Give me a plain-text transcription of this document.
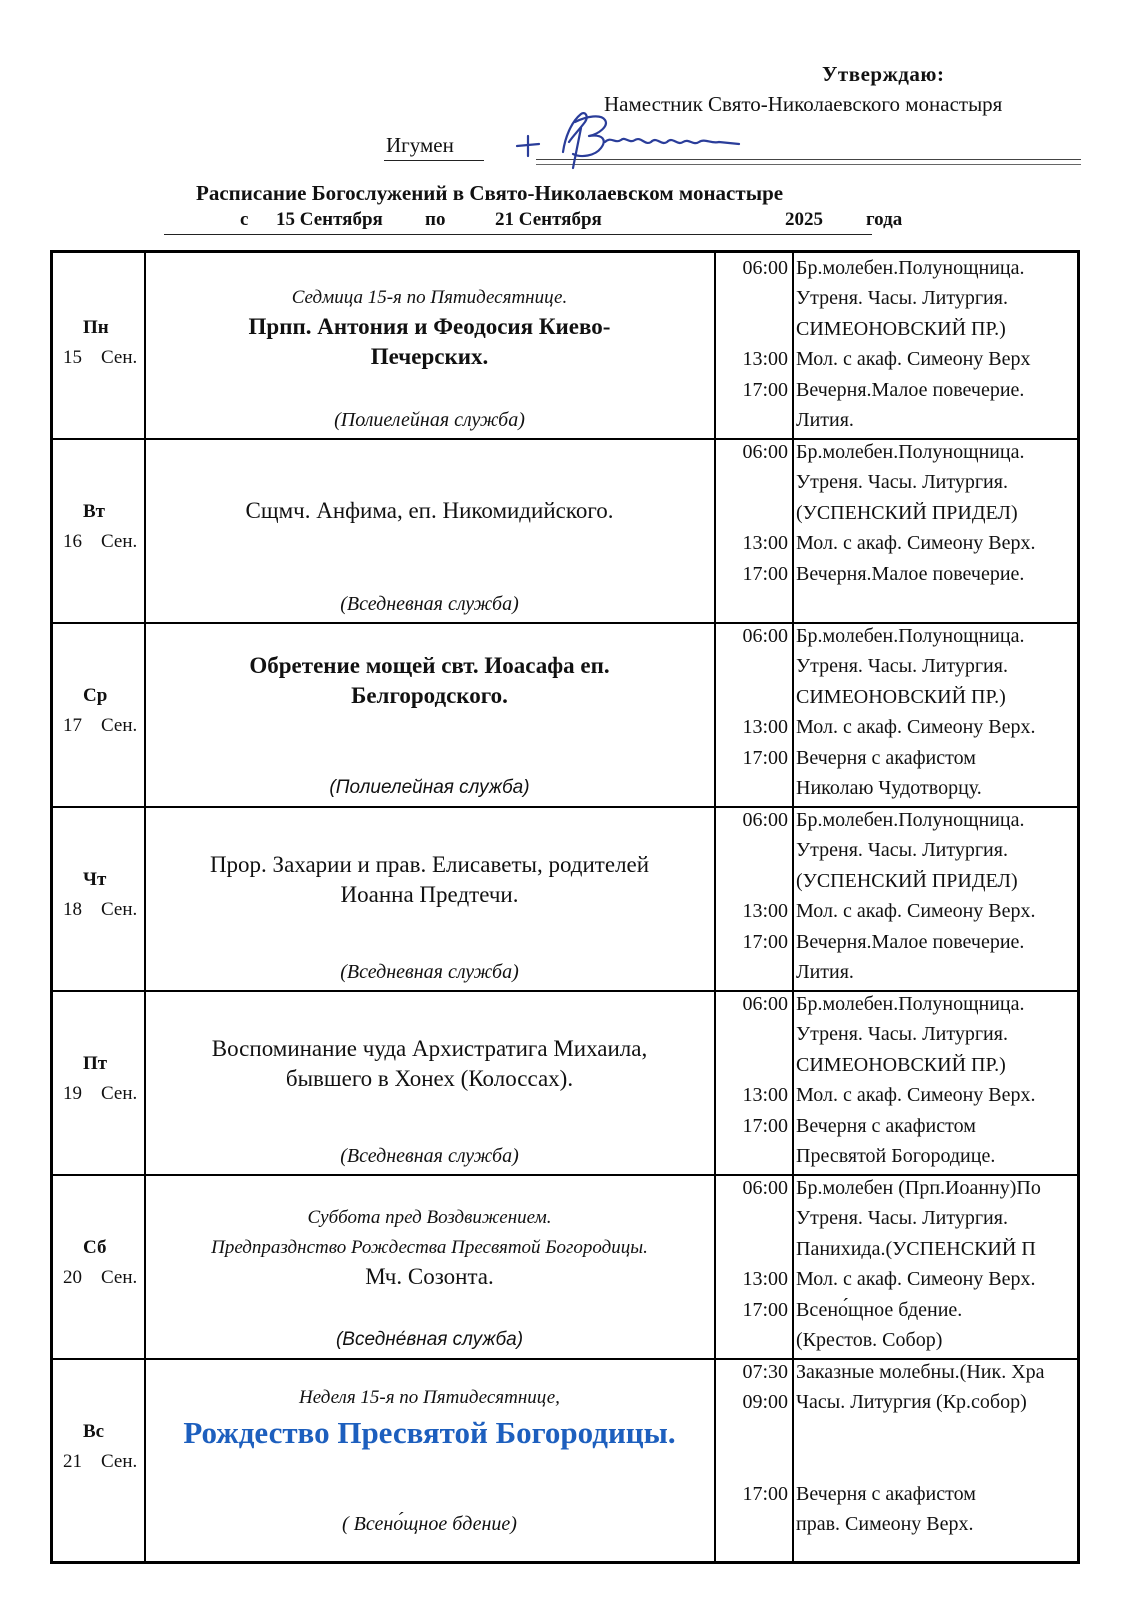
Утверждаю:
Наместник Свято-Николаевского монастыря
Игумен
Расписание Богослужений в Свято-Николаевском монастыре
с 15 Сентября по	21 Сентября	2025 года
Пн
15 Сен.
Седмица 15-я по Пятидесятнице.
Прпп. Антония и Феодосия Киево-
Печерских.
(Полиелейная служба)
06:00
13:00
17:00
Бр.молебен.Полунощница.
Утреня. Часы. Литургия.
СИМЕОНОВСКИЙ ПР.)
Мол. с акаф. Симеону Верх
Вечерня.Малое повечерие.
Лития.
Вт
16 Сен.
Сщмч. Анфима, еп. Никомидийского.
(Вседневная служба)
06:00
13:00
17:00
Бр.молебен.Полунощница.
Утреня. Часы. Литургия.
(УСПЕНСКИЙ ПРИДЕЛ)
Мол. с акаф. Симеону Верх.
Вечерня.Малое повечерие.
Ср
17 Сен.
Обретение мощей свт. Иоасафа еп.
Белгородского.
(Полиелейная служба)
06:00
13:00
17:00
Бр.молебен.Полунощница.
Утреня. Часы. Литургия.
СИМЕОНОВСКИЙ ПР.)
Мол. с акаф. Симеону Верх.
Вечерня с акафистом
Николаю Чудотворцу.
Чт
18 Сен.
Прор. Захарии и прав. Елисаветы, родителей
Иоанна Предтечи.
(Вседневная служба)
06:00
13:00
17:00
Бр.молебен.Полунощница.
Утреня. Часы. Литургия.
(УСПЕНСКИЙ ПРИДЕЛ)
Мол. с акаф. Симеону Верх.
Вечерня.Малое повечерие.
Лития.
Пт
19 Сен.
Воспоминание чуда Архистратига Михаила,
бывшего в Хонех (Колоссах).
(Вседневная служба)
06:00
13:00
17:00
Бр.молебен.Полунощница.
Утреня. Часы. Литургия.
СИМЕОНОВСКИЙ ПР.)
Мол. с акаф. Симеону Верх.
Вечерня с акафистом
Пресвятой Богородице.
Сб
20 Сен.
Суббота пред Воздвижением.
Предпразднство Рождества Пресвятой Богородицы.
Мч. Созонта.
(Вседне́вная служба)
06:00
13:00
17:00
Бр.молебен (Прп.Иоанну)По
Утреня. Часы. Литургия.
Панихида.(УСПЕНСКИЙ П
Мол. с акаф. Симеону Верх.
Всено́щное бдение.
(Крестов. Собор)
Вс
21 Сен.
Неделя 15-я по Пятидесятнице,
Рождество Пресвятой Богородицы.
( Всено́щное бдение)
07:30
09:00
17:00
Заказные молебны.(Ник. Хра
Часы. Литургия (Кр.собор)
Вечерня с акафистом
прав. Симеону Верх.
